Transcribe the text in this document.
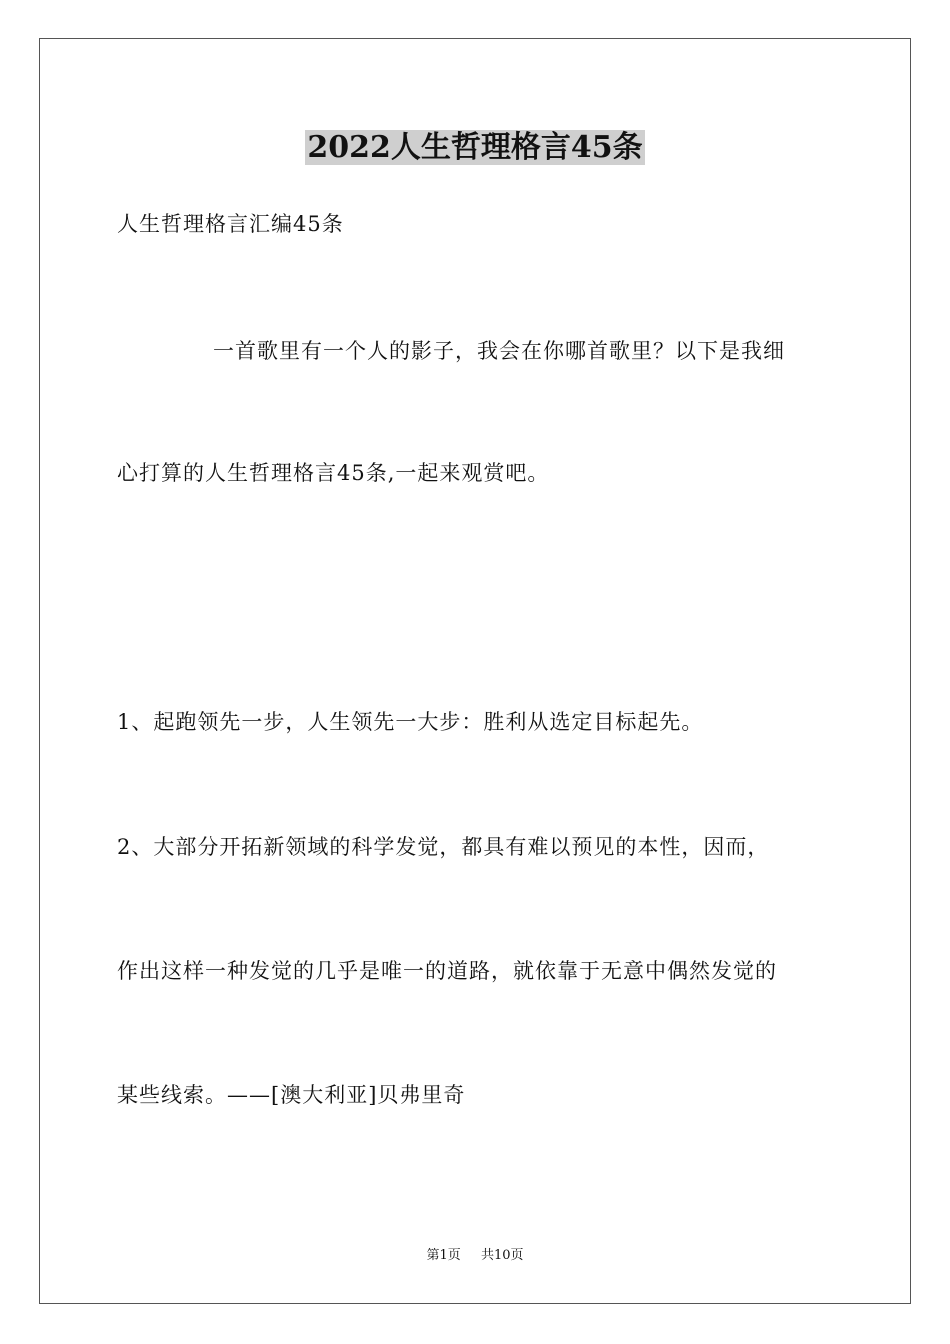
2022人生哲理格言45条
人生哲理格言汇编45条
一首歌里有一个人的影子，我会在你哪首歌里？以下是我细
心打算的人生哲理格言45条,一起来观赏吧。
1、起跑领先一步，人生领先一大步：胜利从选定目标起先。
2、大部分开拓新领域的科学发觉，都具有难以预见的本性，因而，
作出这样一种发觉的几乎是唯一的道路，就依靠于无意中偶然发觉的
某些线索。——[澳大利亚]贝弗里奇
第1页 共10页
